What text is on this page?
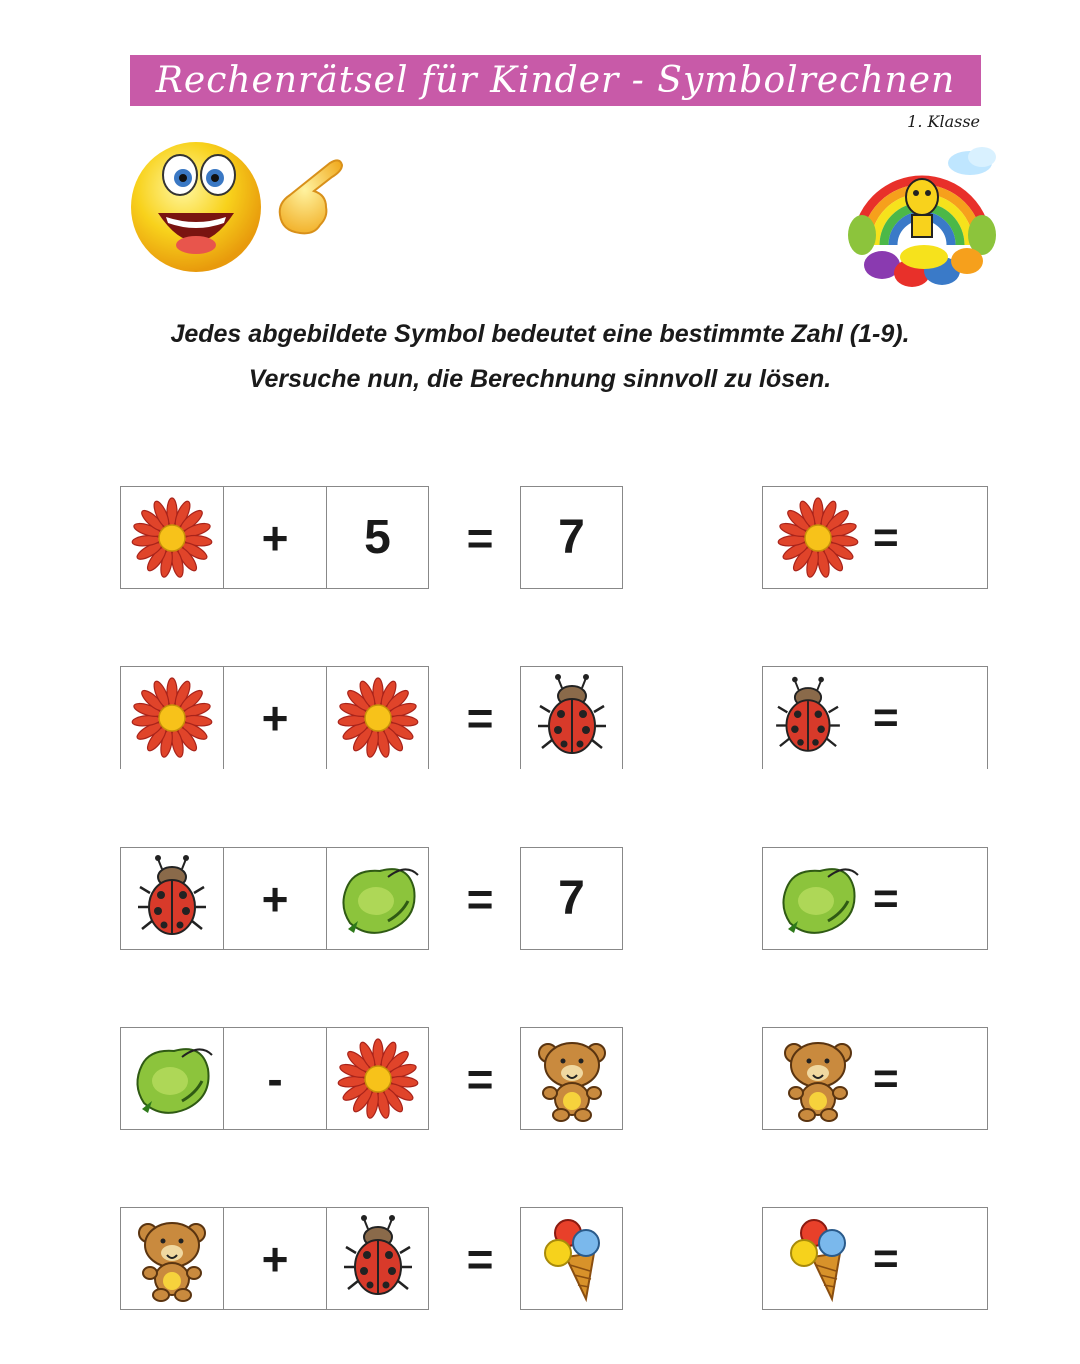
Rechenrätsel für Kinder - Symbolrechnen
1. Klasse
Jedes abgebildete Symbol bedeutet eine bestimmte Zahl (1-9).
Versuche nun, die Berechnung sinnvoll zu lösen.
+ 5	=	7	=
+	=	=
+	=	7	=
-	=	=
+	=	=
